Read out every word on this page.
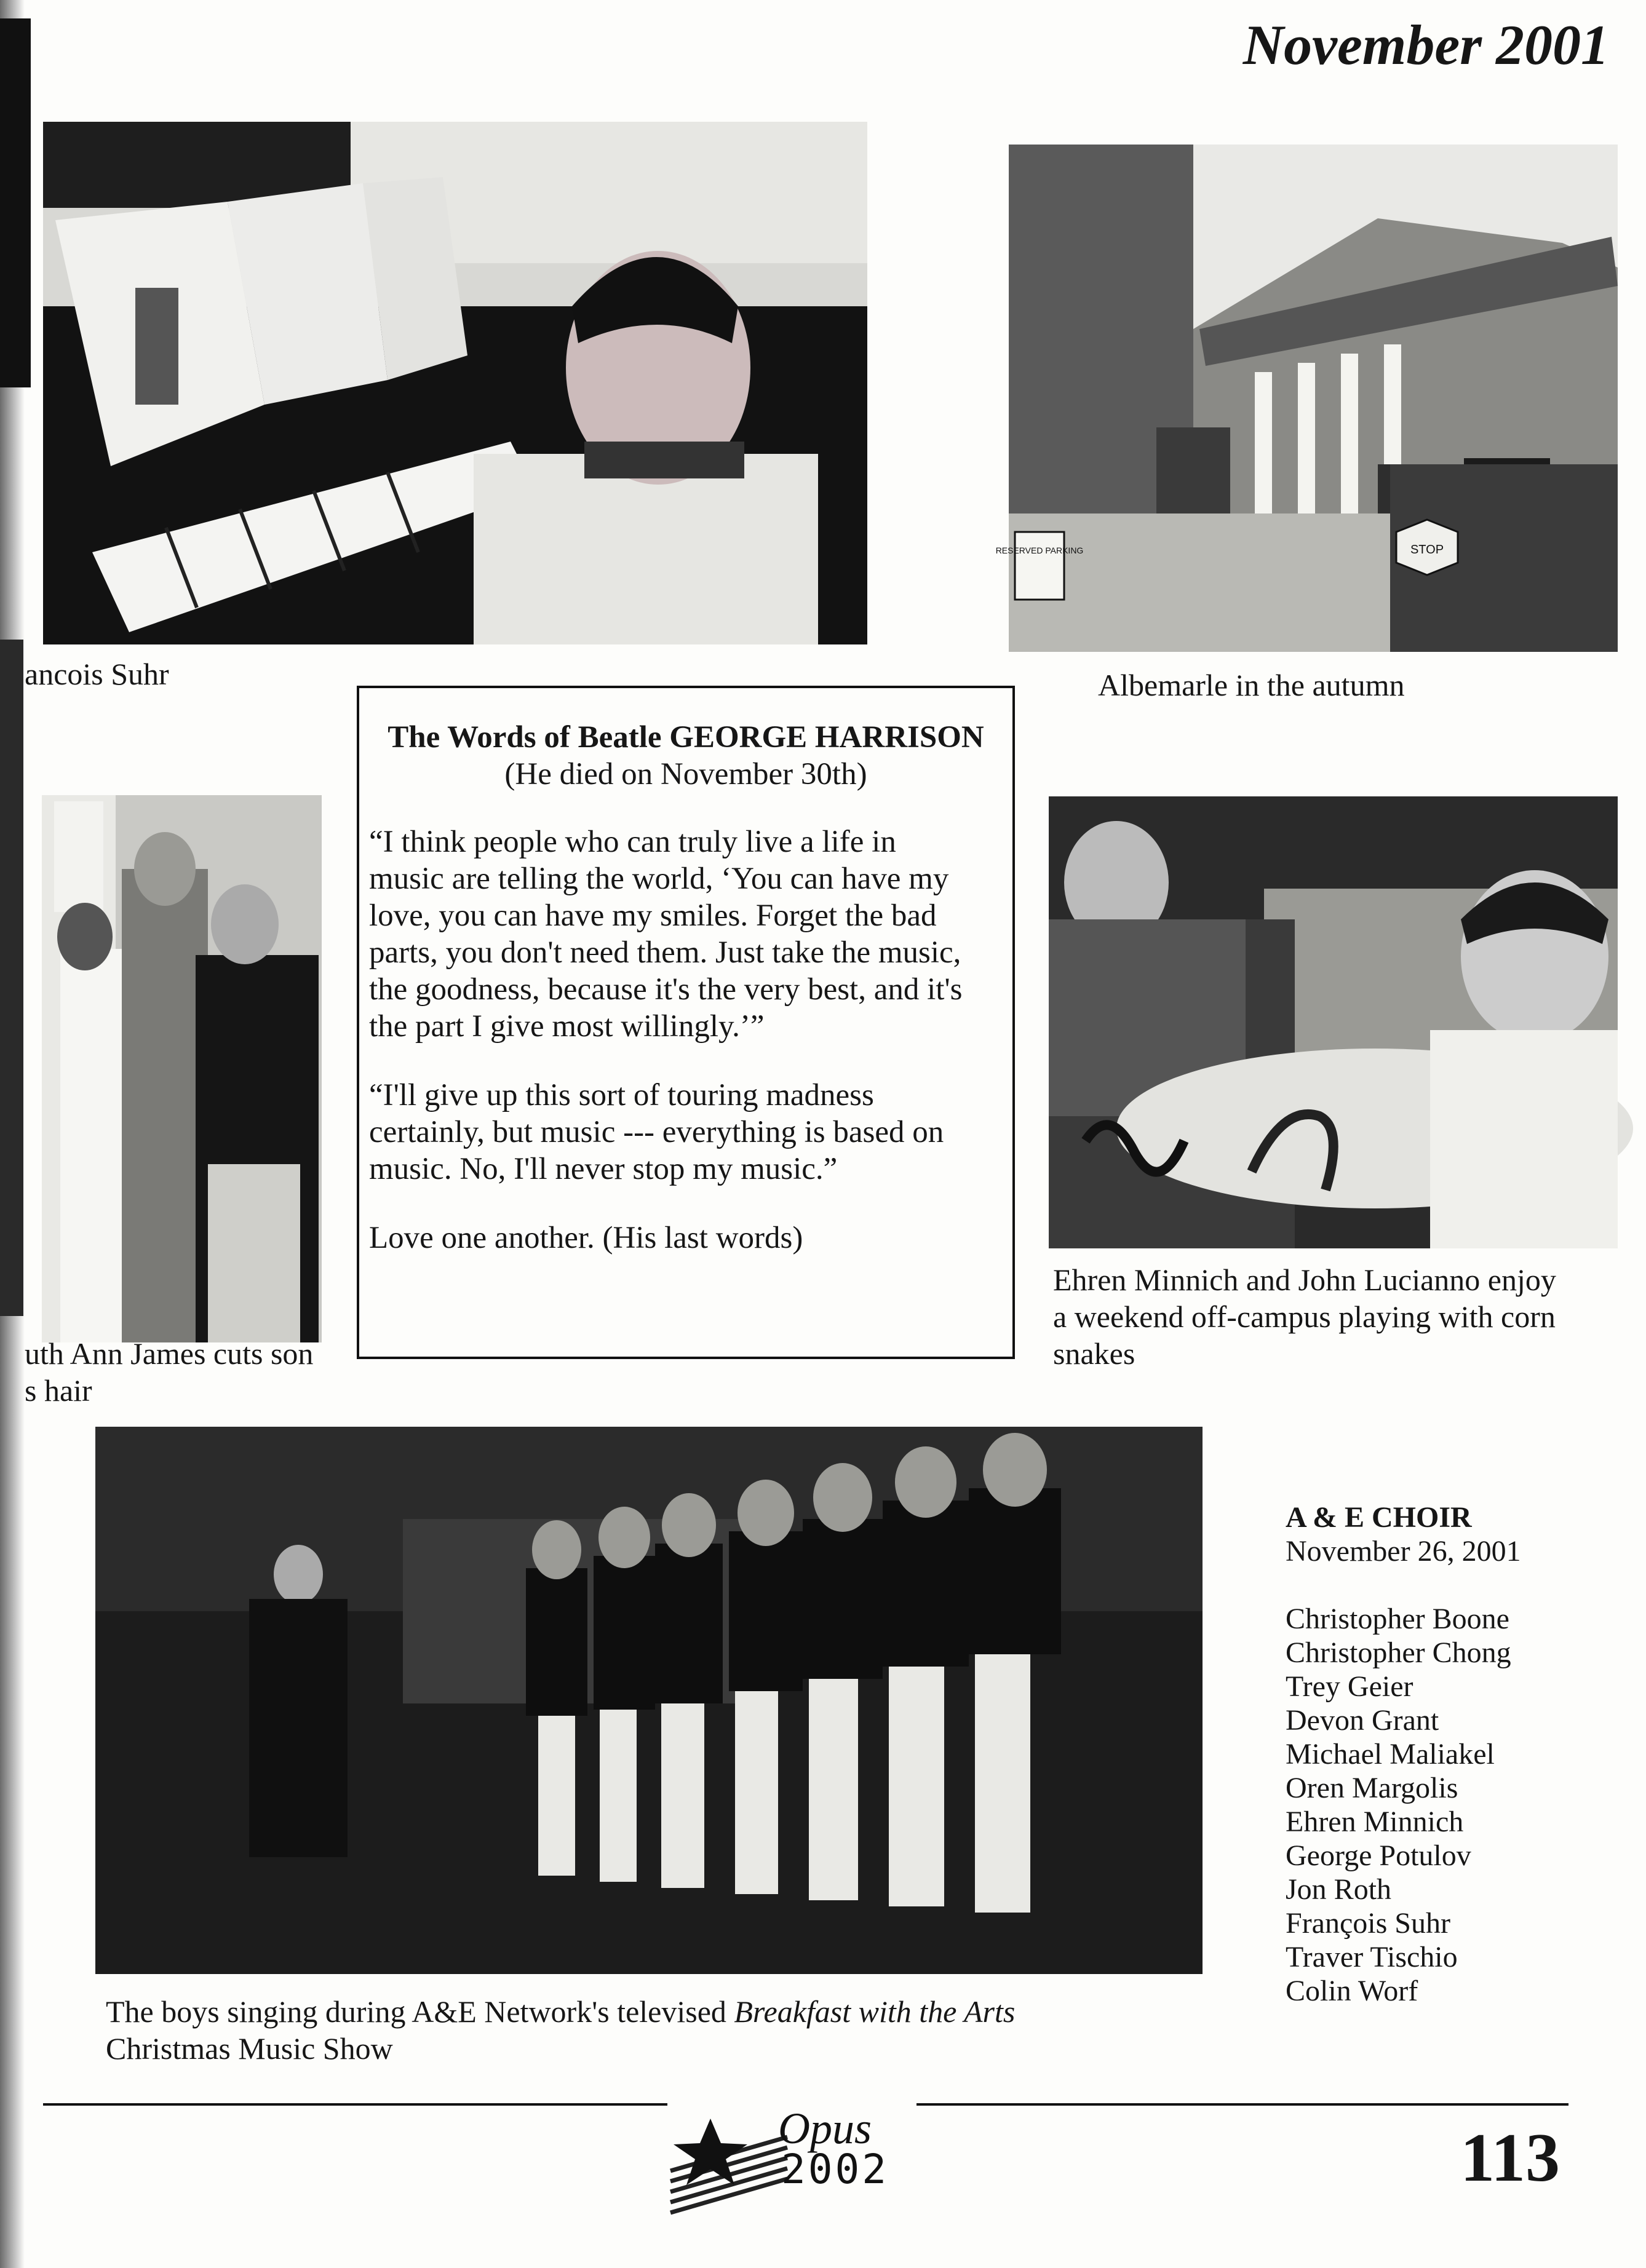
November 2001
ancois Suhr
RESERVED PARKING	STOP
Albemarle in the autumn
uth Ann James cuts son
s hair
The Words of Beatle GEORGE HARRISON
(He died on November 30th)
“I think people who can truly live a life in
music are telling the world, ‘You can have my
love, you can have my smiles. Forget the bad
parts, you don't need them. Just take the music,
the goodness, because it's the very best, and it's
the part I give most willingly.’”
“I'll give up this sort of touring madness
certainly, but music --- everything is based on
music. No, I'll never stop my music.”
Love one another. (His last words)
Ehren Minnich and John Lucianno enjoy
a weekend off-campus playing with corn
snakes
The boys singing during A&E Network's televised Breakfast with the Arts
Christmas Music Show
A & E CHOIR
November 26, 2001
Christopher Boone
Christopher Chong
Trey Geier
Devon Grant
Michael Maliakel
Oren Margolis
Ehren Minnich
George Potulov
Jon Roth
François Suhr
Traver Tischio
Colin Worf
Opus
2002	113
